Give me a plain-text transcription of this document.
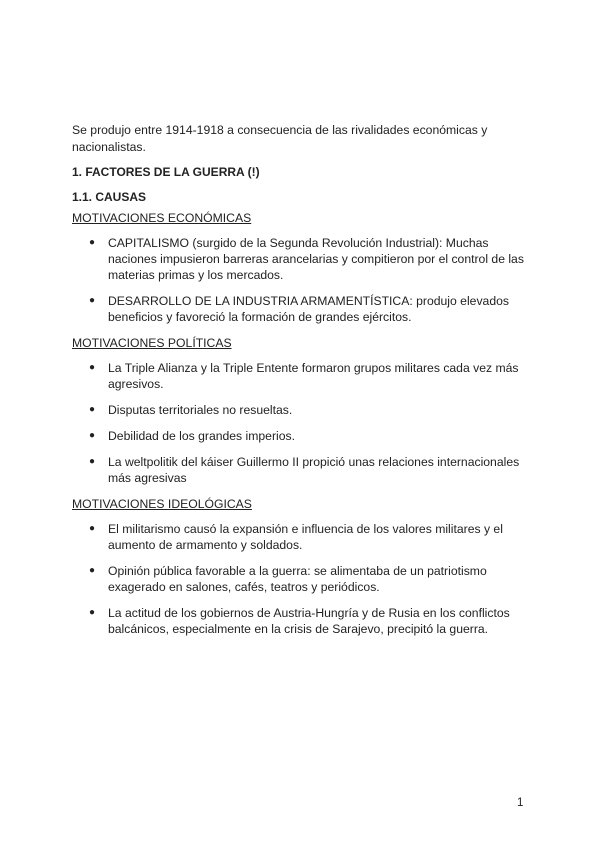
Se produjo entre 1914-1918 a consecuencia de las rivalidades económicas y nacionalistas.

1. FACTORES DE LA GUERRA (!)

1.1. CAUSAS

MOTIVACIONES ECONÓMICAS

● CAPITALISMO (surgido de la Segunda Revolución Industrial): Muchas naciones impusieron barreras arancelarias y compitieron por el control de las materias primas y los mercados.
● DESARROLLO DE LA INDUSTRIA ARMAMENTÍSTICA: produjo elevados beneficios y favoreció la formación de grandes ejércitos.

MOTIVACIONES POLÍTICAS

● La Triple Alianza y la Triple Entente formaron grupos militares cada vez más agresivos.
● Disputas territoriales no resueltas.
● Debilidad de los grandes imperios.
● La weltpolitik del káiser Guillermo II propició unas relaciones internacionales más agresivas

MOTIVACIONES IDEOLÓGICAS

● El militarismo causó la expansión e influencia de los valores militares y el aumento de armamento y soldados.
● Opinión pública favorable a la guerra: se alimentaba de un patriotismo exagerado en salones, cafés, teatros y periódicos.
● La actitud de los gobiernos de Austria-Hungría y de Rusia en los conflictos balcánicos, especialmente en la crisis de Sarajevo, precipitó la guerra.
1
